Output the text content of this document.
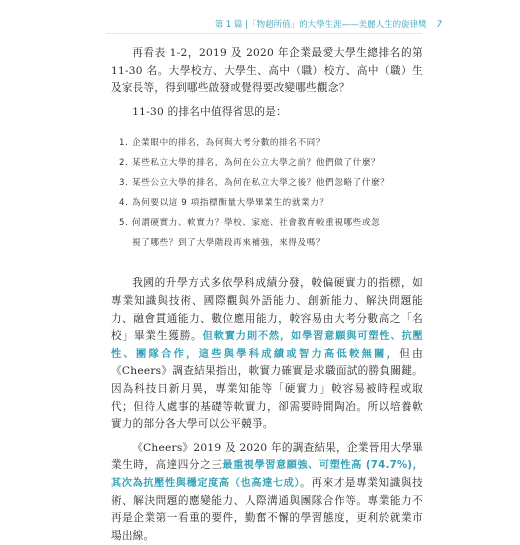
第 1 篇 |「物超所值」的大學生涯——美麗人生的旋律獎 7

再看表 1-2，2019 及 2020 年企業最愛大學生總排名的第 11-30 名。大學校方、大學生、高中（職）校方、高中（職）生及家長等，得到哪些啟發或覺得要改變哪些觀念？

11-30 的排名中值得省思的是：

1. 企業眼中的排名，為何與大考分數的排名不同？
2. 某些私立大學的排名，為何在公立大學之前？他們做了什麼？
3. 某些公立大學的排名，為何在私立大學之後？他們忽略了什麼？
4. 為何要以這 9 項指標衡量大學畢業生的就業力？
5. 何謂硬實力、軟實力？學校、家庭、社會教育較重視哪些或忽
視了哪些？到了大學階段再來補強，來得及嗎？

我國的升學方式多依學科成績分發，較偏硬實力的指標，如專業知識與技術、國際觀與外語能力、創新能力、解決問題能力、融會貫通能力、數位應用能力，較容易由大考分數高之「名校」畢業生獲勝。但軟實力則不然，如學習意願與可塑性、抗壓性、團隊合作，這些與學科成績或智力高低較無關，但由《Cheers》調查結果指出，軟實力確實是求職面試的勝負關鍵。因為科技日新月異，專業知能等「硬實力」較容易被時程或取代；但待人處事的基礎等軟實力，卻需要時間陶冶。所以培養軟實力的部分各大學可以公平競爭。

《Cheers》2019 及 2020 年的調查結果，企業晉用大學畢業生時，高達四分之三最重視學習意願強、可塑性高 (74.7%)，其次為抗壓性與穩定度高（也高達七成）。再來才是專業知識與技術、解決問題的應變能力、人際溝通與團隊合作等。專業能力不再是企業第一看重的要件，勤奮不懈的學習態度，更利於就業市場出線。
